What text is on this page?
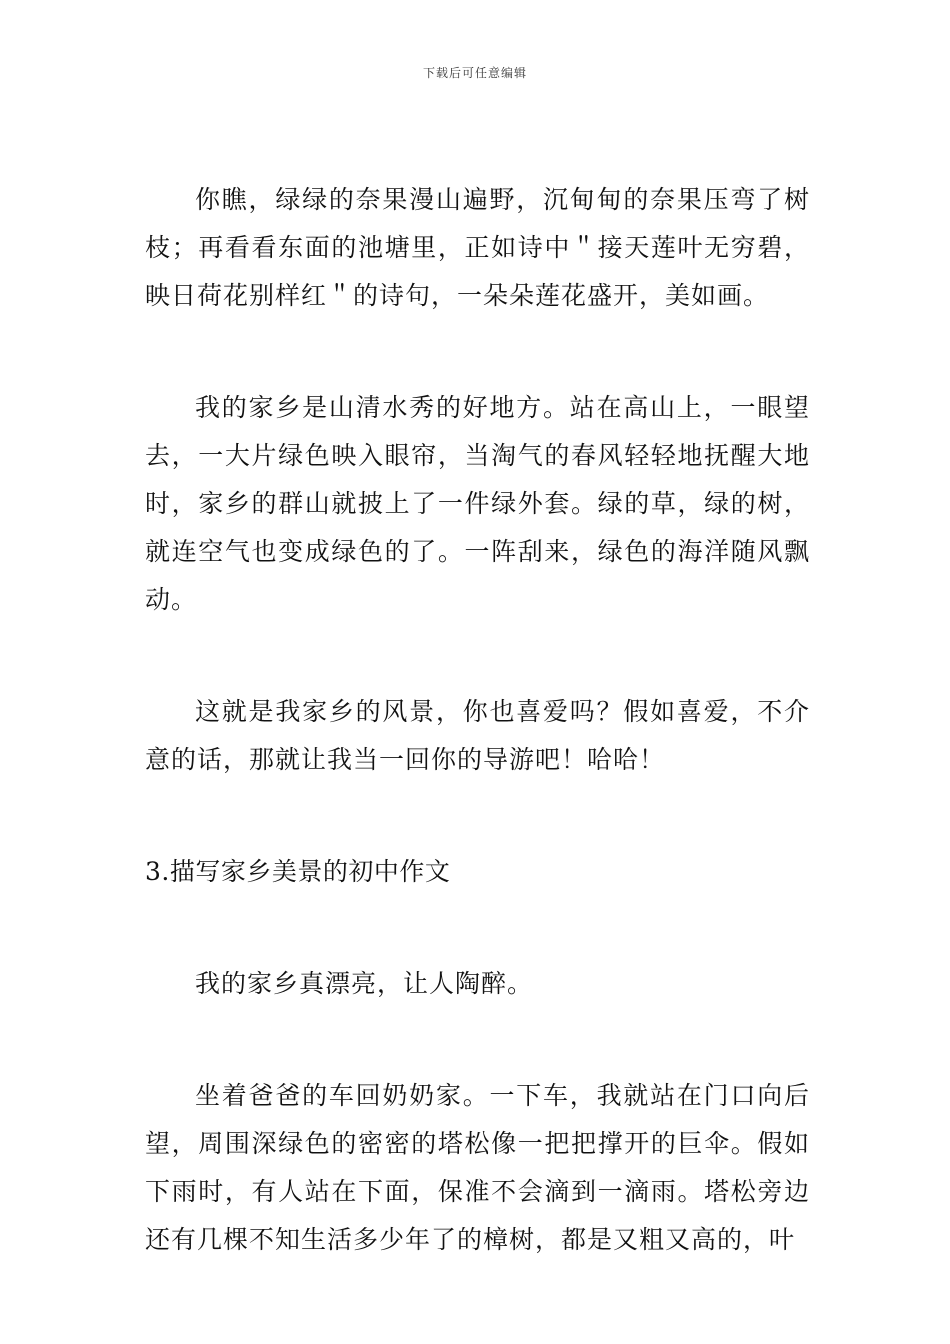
下载后可任意编辑

你瞧，绿绿的奈果漫山遍野，沉甸甸的奈果压弯了树枝；再看看东面的池塘里，正如诗中＂接天莲叶无穷碧，映日荷花别样红＂的诗句，一朵朵莲花盛开，美如画。

我的家乡是山清水秀的好地方。站在高山上，一眼望去，一大片绿色映入眼帘，当淘气的春风轻轻地抚醒大地时，家乡的群山就披上了一件绿外套。绿的草，绿的树，就连空气也变成绿色的了。一阵刮来，绿色的海洋随风飘动。

这就是我家乡的风景，你也喜爱吗？假如喜爱，不介意的话，那就让我当一回你的导游吧！哈哈！

3.描写家乡美景的初中作文

我的家乡真漂亮，让人陶醉。

坐着爸爸的车回奶奶家。一下车，我就站在门口向后望，周围深绿色的密密的塔松像一把把撑开的巨伞。假如下雨时，有人站在下面，保准不会滴到一滴雨。塔松旁边还有几棵不知生活多少年了的樟树，都是又粗又高的，叶
